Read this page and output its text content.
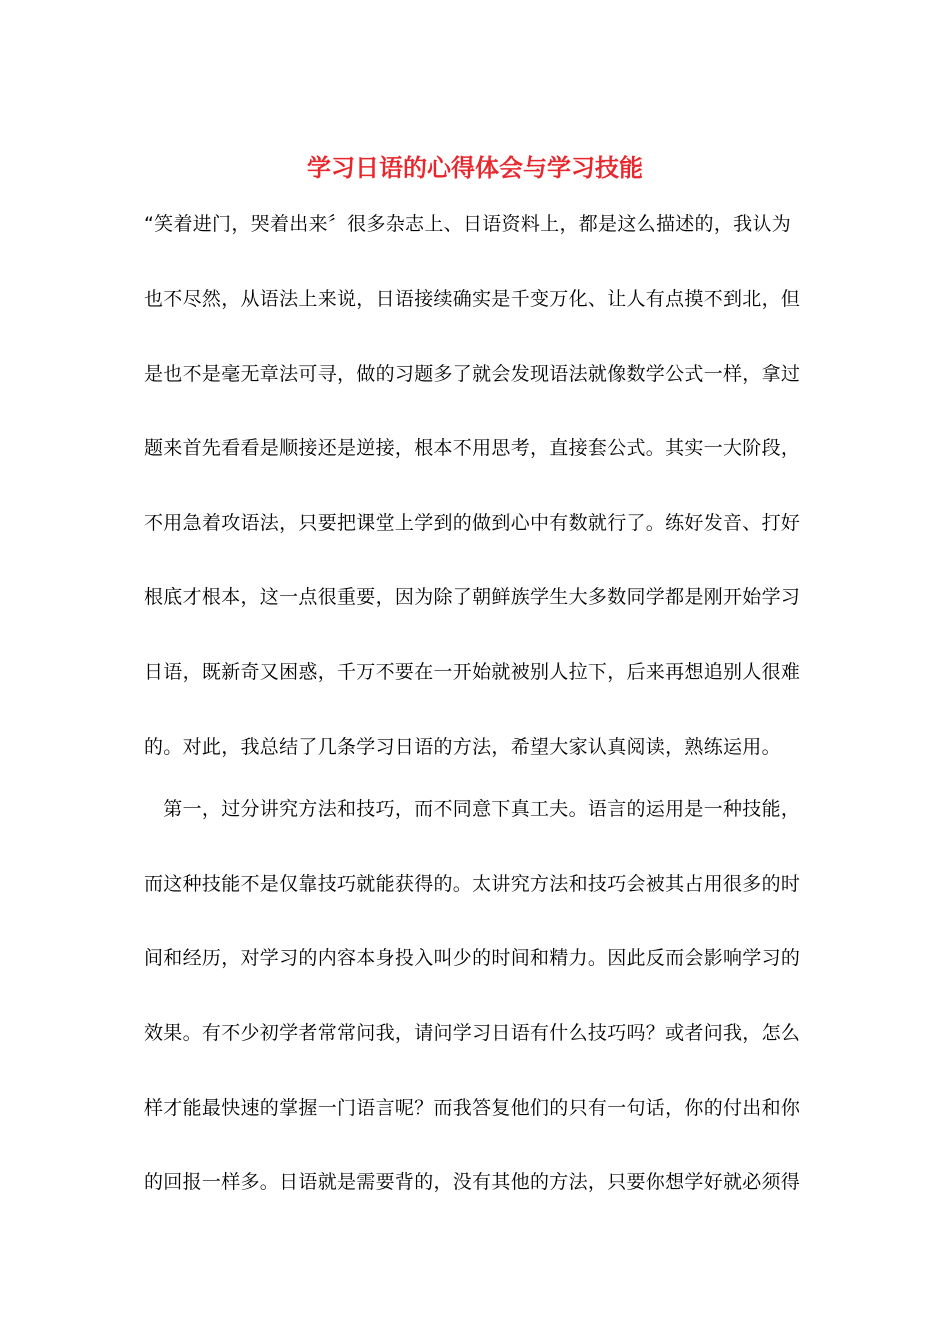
学习日语的心得体会与学习技能

“笑着进门，哭着出来〞很多杂志上、日语资料上，都是这么描述的，我认为

也不尽然，从语法上来说，日语接续确实是千变万化、让人有点摸不到北，但

是也不是毫无章法可寻，做的习题多了就会发现语法就像数学公式一样，拿过

题来首先看看是顺接还是逆接，根本不用思考，直接套公式。其实一大阶段，

不用急着攻语法，只要把课堂上学到的做到心中有数就行了。练好发音、打好

根底才根本，这一点很重要，因为除了朝鲜族学生大多数同学都是刚开始学习

日语，既新奇又困惑，千万不要在一开始就被别人拉下，后来再想追别人很难

的。对此，我总结了几条学习日语的方法，希望大家认真阅读，熟练运用。

　第一，过分讲究方法和技巧，而不同意下真工夫。语言的运用是一种技能，

而这种技能不是仅靠技巧就能获得的。太讲究方法和技巧会被其占用很多的时

间和经历，对学习的内容本身投入叫少的时间和精力。因此反而会影响学习的

效果。有不少初学者常常问我，请问学习日语有什么技巧吗？或者问我，怎么

样才能最快速的掌握一门语言呢？而我答复他们的只有一句话，你的付出和你

的回报一样多。日语就是需要背的，没有其他的方法，只要你想学好就必须得
